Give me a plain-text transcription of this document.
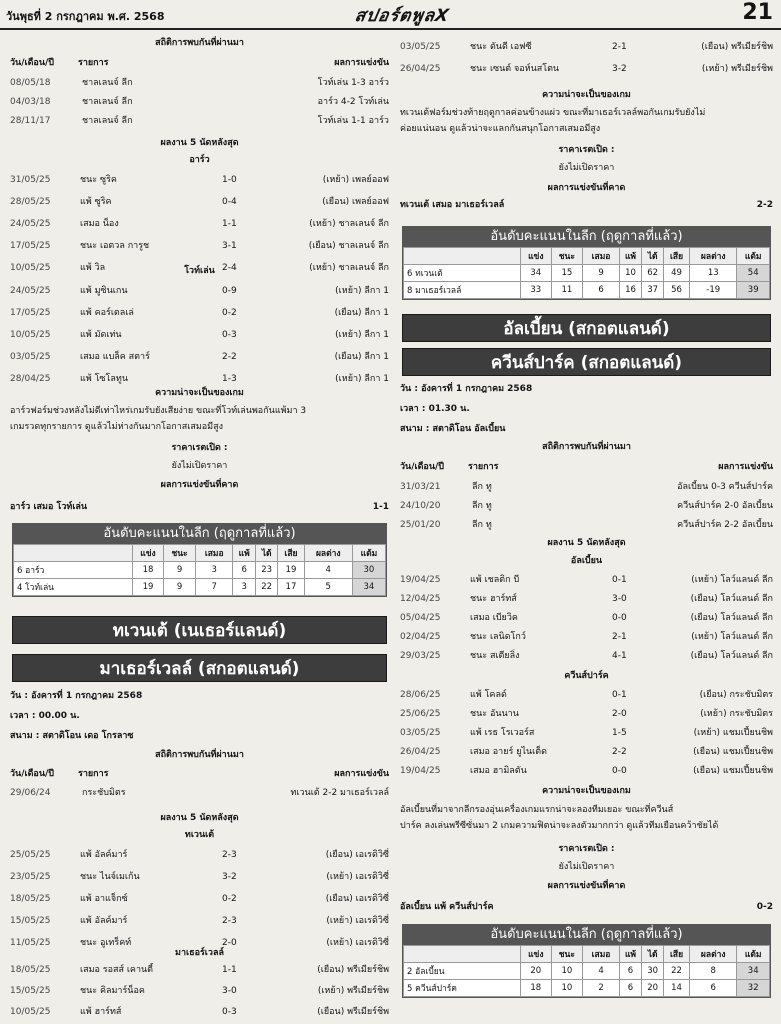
วันพุธที่ 2 กรกฎาคม พ.ศ. 2568	สปอร์ตพูลX	21
สถิติการพบกันที่ผ่านมา
วัน/เดือน/ปี	รายการ	ผลการแข่งขัน
08/05/18	ชาลเลนจ์ ลีก	โวท์เล่น 1-3 อาร์ว
04/03/18	ชาลเลนจ์ ลีก	อาร์ว 4-2 โวท์เล่น
28/11/17	ชาลเลนจ์ ลีก	โวท์เล่น 1-1 อาร์ว
ผลงาน 5 นัดหลังสุด
อาร์ว
31/05/25	ชนะ ซูริค	1-0	(เหย้า) เพลย์ออฟ
28/05/25	แพ้ ซูริค	0-4	(เยือน) เพลย์ออฟ
24/05/25	เสมอ น็อง	1-1	(เหย้า) ชาลเลนจ์ ลีก
17/05/25	ชนะ เอตวล การูช	3-1	(เยือน) ชาลเลนจ์ ลีก
10/05/25	แพ้ วิล	2-4	(เหย้า) ชาลเลนจ์ ลีก
โวท์เล่น
24/05/25	แพ้ มูซินเกน	0-9	(เหย้า) ลีกา 1
17/05/25	แพ้ คอร์เตลเล่	0-2	(เยือน) ลีกา 1
10/05/25	แพ้ มัดเท่น	0-3	(เหย้า) ลีกา 1
03/05/25	เสมอ แบล็ค สตาร์	2-2	(เยือน) ลีกา 1
28/04/25	แพ้ โซโลทูน	1-3	(เหย้า) ลีกา 1
ความน่าจะเป็นของเกม
อาร์วฟอร์มช่วงหลังไม่ดีเท่าไหร่เกมรับยังเสียง่าย ขณะที่โวท์เล่นพอกันแพ้มา 3
เกมรวดทุกรายการ ดูแล้วไม่ห่างกันมากโอกาสเสมอมีสูง
ราคาเรตเปิด :
ยังไม่เปิดราคา
ผลการแข่งขันที่คาด
อาร์ว เสมอ โวท์เล่น	1-1
อันดับคะแนนในลีก (ฤดูกาลที่แล้ว)
	แข่ง	ชนะ	เสมอ	แพ้	ได้	เสีย	ผลต่าง	แต้ม
6 อาร์ว	18	9	3	6	23	19	4	30
4 โวท์เล่น	19	9	7	3	22	17	5	34
ทเวนเต้ (เนเธอร์แลนด์)
มาเธอร์เวลล์ (สกอตแลนด์)
วัน : อังคารที่ 1 กรกฎาคม 2568
เวลา : 00.00 น.
สนาม : สตาดิโอน เดอ โกรลาซ
สถิติการพบกันที่ผ่านมา
วัน/เดือน/ปี	รายการ	ผลการแข่งขัน
29/06/24	กระชับมิตร	ทเวนเต้ 2-2 มาเธอร์เวลล์
ผลงาน 5 นัดหลังสุด
ทเวนเต้
25/05/25	แพ้ อัลค์มาร์	2-3	(เยือน) เอเรดิวิซี่
23/05/25	ชนะ ไนจ์เมเก้น	3-2	(เหย้า) เอเรดิวิซี่
18/05/25	แพ้ อาแจ็กซ์	0-2	(เยือน) เอเรดิวิซี่
15/05/25	แพ้ อัลค์มาร์	2-3	(เหย้า) เอเรดิวิซี่
11/05/25	ชนะ อูเทร็คท์	2-0	(เหย้า) เอเรดิวิซี่
มาเธอร์เวลล์
18/05/25	เสมอ รอสส์ เคานตี้	1-1	(เยือน) พรีเมียร์ชิพ
15/05/25	ชนะ คิลมาร์น็อค	3-0	(เหย้า) พรีเมียร์ชิพ
10/05/25	แพ้ ฮาร์ทส์	0-3	(เยือน) พรีเมียร์ชิพ
03/05/25	ชนะ ดันดี เอฟซี	2-1	(เยือน) พรีเมียร์ชิพ
26/04/25	ชนะ เซนต์ จอห์นสโตน	3-2	(เหย้า) พรีเมียร์ชิพ
ความน่าจะเป็นของเกม
ทเวนเต้ฟอร์มช่วงท้ายฤดูกาลค่อนข้างแผ่ว ขณะที่มาเธอร์เวลล์พอกันเกมรับยังไม่
ค่อยแน่นอน ดูแล้วน่าจะแลกกันสนุกโอกาสเสมอมีสูง
ราคาเรตเปิด :
ยังไม่เปิดราคา
ผลการแข่งขันที่คาด
ทเวนเต้ เสมอ มาเธอร์เวลล์	2-2
อันดับคะแนนในลีก (ฤดูกาลที่แล้ว)
	แข่ง	ชนะ	เสมอ	แพ้	ได้	เสีย	ผลต่าง	แต้ม
6 ทเวนเต้	34	15	9	10	62	49	13	54
8 มาเธอร์เวลล์	33	11	6	16	37	56	-19	39
อัลเบี้ยน (สกอตแลนด์)
ควีนส์ปาร์ค (สกอตแลนด์)
วัน : อังคารที่ 1 กรกฎาคม 2568
เวลา : 01.30 น.
สนาม : สตาดิโอน อัลเบี้ยน
สถิติการพบกันที่ผ่านมา
วัน/เดือน/ปี	รายการ	ผลการแข่งขัน
31/03/21	ลีก ทู	อัลเบี้ยน 0-3 ควีนส์ปาร์ค
24/10/20	ลีก ทู	ควีนส์ปาร์ค 2-0 อัลเบี้ยน
25/01/20	ลีก ทู	ควีนส์ปาร์ค 2-2 อัลเบี้ยน
ผลงาน 5 นัดหลังสุด
อัลเบี้ยน
19/04/25	แพ้ เชลติก บี	0-1	(เหย้า) โลว์แลนด์ ลีก
12/04/25	ชนะ ฮาร์ทส์	3-0	(เยือน) โลว์แลนด์ ลีก
05/04/25	เสมอ เบียวิค	0-0	(เยือน) โลว์แลนด์ ลีก
02/04/25	ชนะ เลนิดโกว์	2-1	(เหย้า) โลว์แลนด์ ลีก
29/03/25	ชนะ สเตียลิ่ง	4-1	(เยือน) โลว์แลนด์ ลีก
ควีนส์ปาร์ค
28/06/25	แพ้ โคลด์	0-1	(เยือน) กระชับมิตร
25/06/25	ชนะ อันนาน	2-0	(เหย้า) กระชับมิตร
03/05/25	แพ้ เรธ โรเวอร์ส	1-5	(เหย้า) แชมเปี้ยนชิพ
26/04/25	เสมอ อายร์ ยูไนเต็ด	2-2	(เยือน) แชมเปี้ยนชิพ
19/04/25	เสมอ ฮามิลตัน	0-0	(เยือน) แชมเปี้ยนชิพ
ความน่าจะเป็นของเกม
อัลเบี้ยนที่มาจากลีกรองอุ่นเครื่องเกมแรกน่าจะลองทีมเยอะ ขณะที่ควีนส์
ปาร์ค ลงเล่นพรีซีซั่นมา 2 เกมความฟิตน่าจะลงตัวมากกว่า ดูแล้วทีมเยือนคว้าชัยได้
ราคาเรตเปิด :
ยังไม่เปิดราคา
ผลการแข่งขันที่คาด
อัลเบี้ยน แพ้ ควีนส์ปาร์ค	0-2
อันดับคะแนนในลีก (ฤดูกาลที่แล้ว)
	แข่ง	ชนะ	เสมอ	แพ้	ได้	เสีย	ผลต่าง	แต้ม
2 อัลเบี้ยน	20	10	4	6	30	22	8	34
5 ควีนส์ปาร์ค	18	10	2	6	20	14	6	32
